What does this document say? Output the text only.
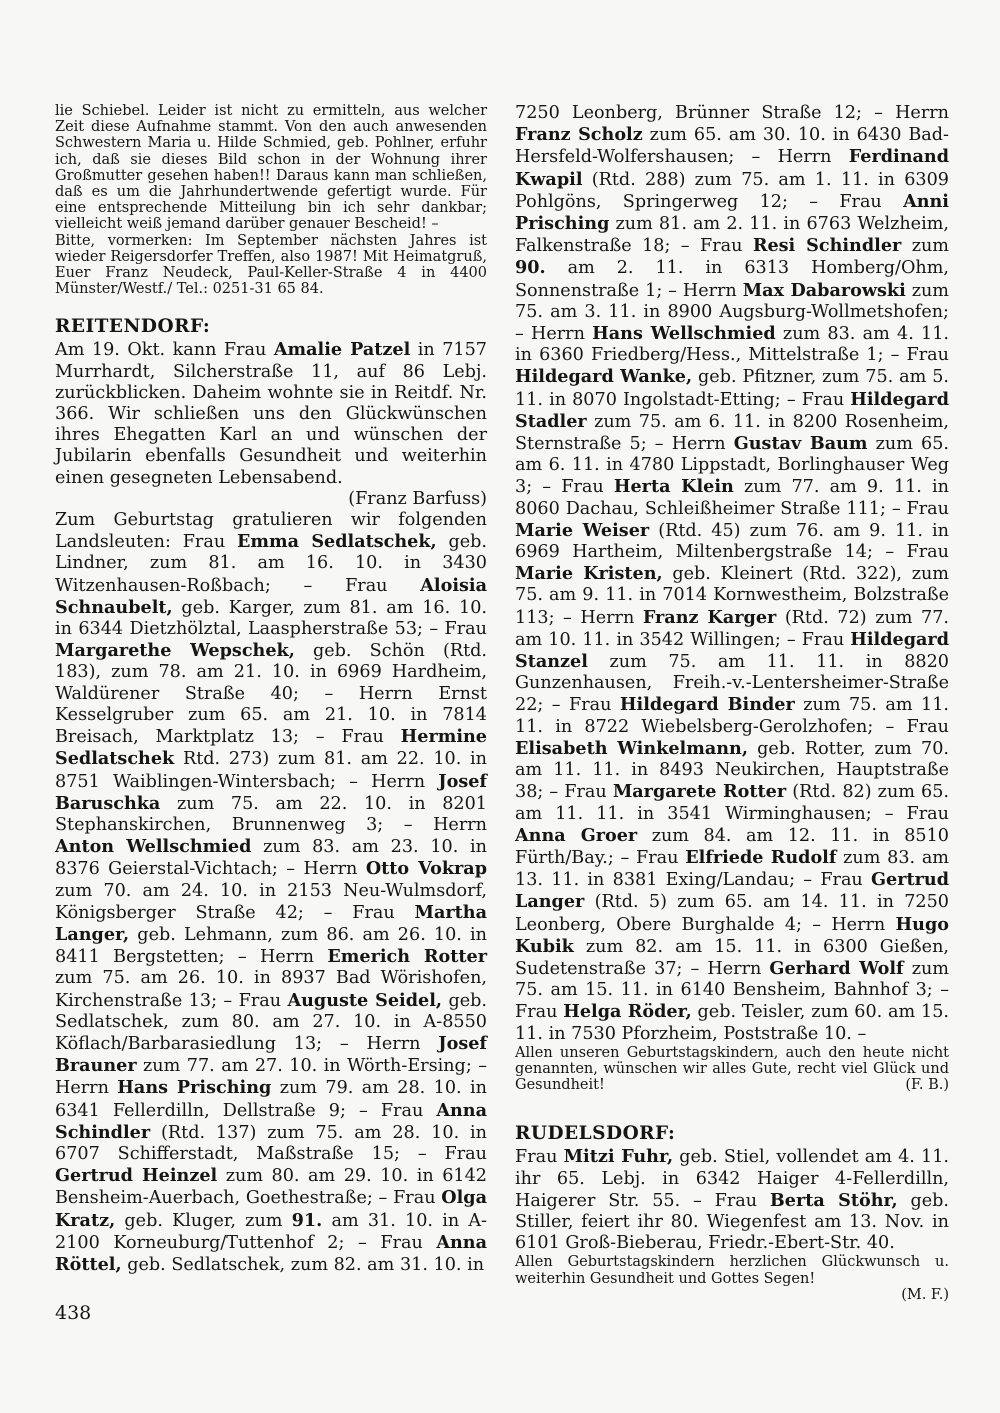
lie Schiebel. Leider ist nicht zu ermitteln, aus welcher Zeit diese Aufnahme stammt. Von den auch anwesenden Schwestern Maria u. Hilde Schmied, geb. Pohlner, erfuhr ich, daß sie dieses Bild schon in der Wohnung ihrer Großmutter gesehen haben!! Daraus kann man schließen, daß es um die Jahrhundertwende gefertigt wurde. Für eine entsprechende Mitteilung bin ich sehr dankbar; vielleicht weiß jemand darüber genauer Bescheid! –

Bitte, vormerken: Im September nächsten Jahres ist wieder Reigersdorfer Treffen, also 1987! Mit Heimatgruß, Euer Franz Neudeck, Paul-Keller-Straße 4 in 4400 Münster/Westf./ Tel.: 0251-31 65 84.

REITENDORF:

Am 19. Okt. kann Frau Amalie Patzel in 7157 Murrhardt, Silcherstraße 11, auf 86 Lebj. zurückblicken. Daheim wohnte sie in Reitdf. Nr. 366. Wir schließen uns den Glückwünschen ihres Ehegatten Karl an und wünschen der Jubilarin ebenfalls Gesundheit und weiterhin einen gesegneten Lebensabend.
(Franz Barfuss)

Zum Geburtstag gratulieren wir folgenden Landsleuten: Frau Emma Sedlatschek, geb. Lindner, zum 81. am 16. 10. in 3430 Witzenhausen-Roßbach; – Frau Aloisia Schnaubelt, geb. Karger, zum 81. am 16. 10. in 6344 Dietzhölztal, Laaspherstraße 53; – Frau Margarethe Wepschek, geb. Schön (Rtd. 183), zum 78. am 21. 10. in 6969 Hardheim, Waldürener Straße 40; – Herrn Ernst Kesselgruber zum 65. am 21. 10. in 7814 Breisach, Marktplatz 13; – Frau Hermine Sedlatschek Rtd. 273) zum 81. am 22. 10. in 8751 Waiblingen-Wintersbach; – Herrn Josef Baruschka zum 75. am 22. 10. in 8201 Stephanskirchen, Brunnenweg 3; – Herrn Anton Wellschmied zum 83. am 23. 10. in 8376 Geierstal-Vichtach; – Herrn Otto Vokrap zum 70. am 24. 10. in 2153 Neu-Wulmsdorf, Königsberger Straße 42; – Frau Martha Langer, geb. Lehmann, zum 86. am 26. 10. in 8411 Bergstetten; – Herrn Emerich Rotter zum 75. am 26. 10. in 8937 Bad Wörishofen, Kirchenstraße 13; – Frau Auguste Seidel, geb. Sedlatschek, zum 80. am 27. 10. in A-8550 Köflach/Barbarasiedlung 13; – Herrn Josef Brauner zum 77. am 27. 10. in Wörth-Ersing; – Herrn Hans Prisching zum 79. am 28. 10. in 6341 Fellerdilln, Dellstraße 9; – Frau Anna Schindler (Rtd. 137) zum 75. am 28. 10. in 6707 Schifferstadt, Maßstraße 15; – Frau Gertrud Heinzel zum 80. am 29. 10. in 6142 Bensheim-Auerbach, Goethestraße; – Frau Olga Kratz, geb. Kluger, zum 91. am 31. 10. in A-2100 Korneuburg/Tuttenhof 2; – Frau Anna Röttel, geb. Sedlatschek, zum 82. am 31. 10. in

7250 Leonberg, Brünner Straße 12; – Herrn Franz Scholz zum 65. am 30. 10. in 6430 Bad-Hersfeld-Wolfershausen; – Herrn Ferdinand Kwapil (Rtd. 288) zum 75. am 1. 11. in 6309 Pohlgöns, Springerweg 12; – Frau Anni Prisching zum 81. am 2. 11. in 6763 Welzheim, Falkenstraße 18; – Frau Resi Schindler zum 90. am 2. 11. in 6313 Homberg/Ohm, Sonnenstraße 1; – Herrn Max Dabarowski zum 75. am 3. 11. in 8900 Augsburg-Wollmetshofen; – Herrn Hans Wellschmied zum 83. am 4. 11. in 6360 Friedberg/Hess., Mittelstraße 1; – Frau Hildegard Wanke, geb. Pfitzner, zum 75. am 5. 11. in 8070 Ingolstadt-Etting; – Frau Hildegard Stadler zum 75. am 6. 11. in 8200 Rosenheim, Sternstraße 5; – Herrn Gustav Baum zum 65. am 6. 11. in 4780 Lippstadt, Borlinghauser Weg 3; – Frau Herta Klein zum 77. am 9. 11. in 8060 Dachau, Schleißheimer Straße 111; – Frau Marie Weiser (Rtd. 45) zum 76. am 9. 11. in 6969 Hartheim, Miltenbergstraße 14; – Frau Marie Kristen, geb. Kleinert (Rtd. 322), zum 75. am 9. 11. in 7014 Kornwestheim, Bolzstraße 113; – Herrn Franz Karger (Rtd. 72) zum 77. am 10. 11. in 3542 Willingen; – Frau Hildegard Stanzel zum 75. am 11. 11. in 8820 Gunzenhausen, Freih.-v.-Lentersheimer-Straße 22; – Frau Hildegard Binder zum 75. am 11. 11. in 8722 Wiebelsberg-Gerolzhofen; – Frau Elisabeth Winkelmann, geb. Rotter, zum 70. am 11. 11. in 8493 Neukirchen, Hauptstraße 38; – Frau Margarete Rotter (Rtd. 82) zum 65. am 11. 11. in 3541 Wirminghausen; – Frau Anna Groer zum 84. am 12. 11. in 8510 Fürth/Bay.; – Frau Elfriede Rudolf zum 83. am 13. 11. in 8381 Exing/Landau; – Frau Gertrud Langer (Rtd. 5) zum 65. am 14. 11. in 7250 Leonberg, Obere Burghalde 4; – Herrn Hugo Kubik zum 82. am 15. 11. in 6300 Gießen, Sudetenstraße 37; – Herrn Gerhard Wolf zum 75. am 15. 11. in 6140 Bensheim, Bahnhof 3; – Frau Helga Röder, geb. Teisler, zum 60. am 15. 11. in 7530 Pforzheim, Poststraße 10. –

Allen unseren Geburtstagskindern, auch den heute nicht genannten, wünschen wir alles Gute, recht viel Glück und Gesundheit!	(F. B.)

RUDELSDORF:

Frau Mitzi Fuhr, geb. Stiel, vollendet am 4. 11. ihr 65. Lebj. in 6342 Haiger 4-Fellerdilln, Haigerer Str. 55. – Frau Berta Stöhr, geb. Stiller, feiert ihr 80. Wiegenfest am 13. Nov. in 6101 Groß-Bieberau, Friedr.-Ebert-Str. 40.

Allen Geburtstagskindern herzlichen Glückwunsch u. weiterhin Gesundheit und Gottes Segen!
(M. F.)

438
